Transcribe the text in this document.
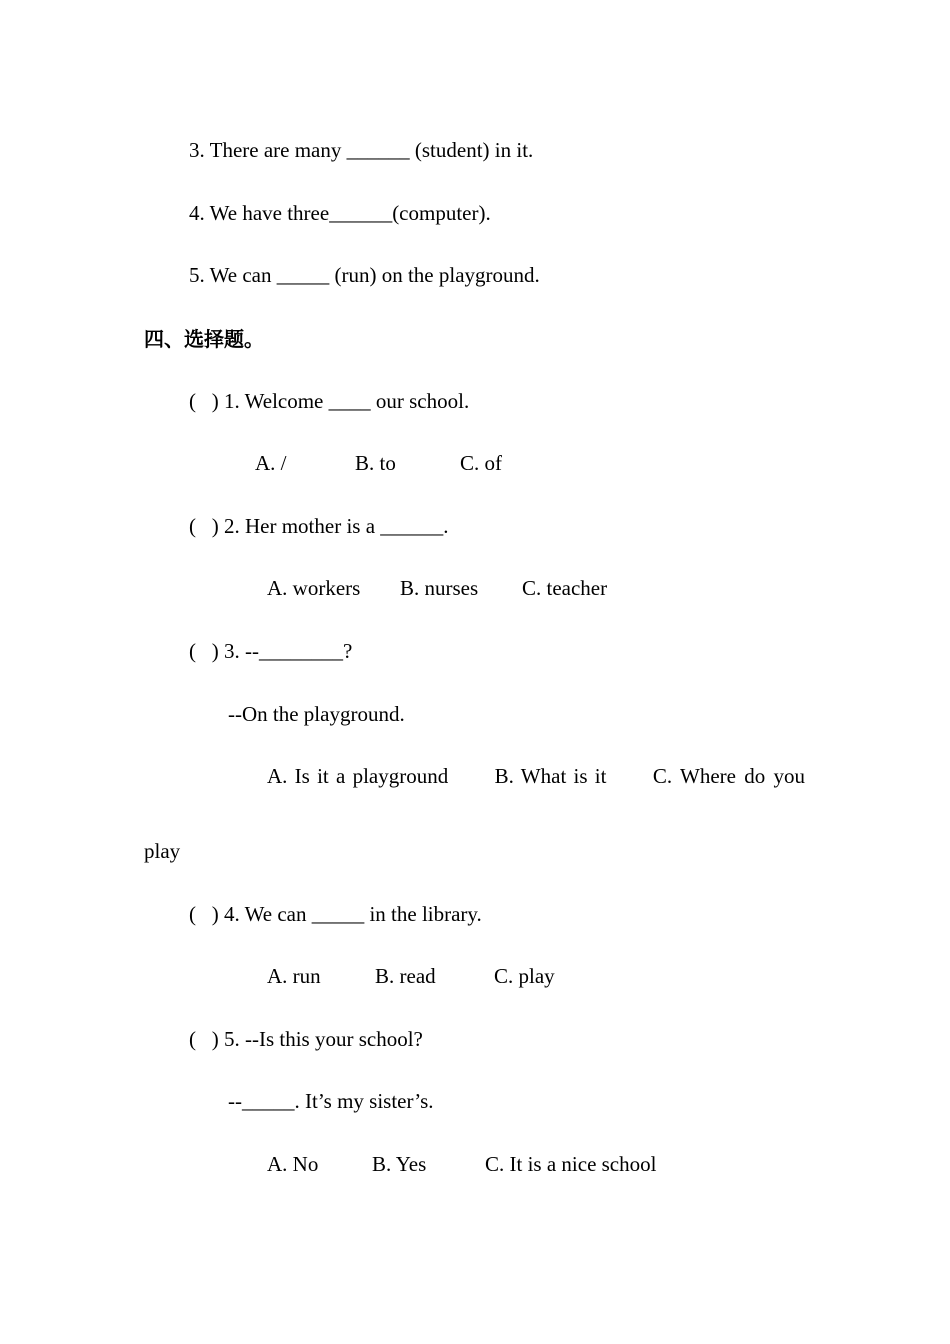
3. There are many ______ (student) in it.
4. We have three______(computer).
5. We can _____ (run) on the playground.
四、选择题。
(   ) 1. Welcome ____ our school.
A. /	B. to	C. of
(   ) 2. Her mother is a ______.
A. workers B. nurses C. teacher
(   ) 3. --________?
--On the playground.
A. Is it a playground B. What is it C. Where do you
play
(   ) 4. We can _____ in the library.
A. run	B. read	C. play
(   ) 5. --Is this your school?
--_____. It’s my sister’s.
A. No	B. Yes	C. It is a nice school
